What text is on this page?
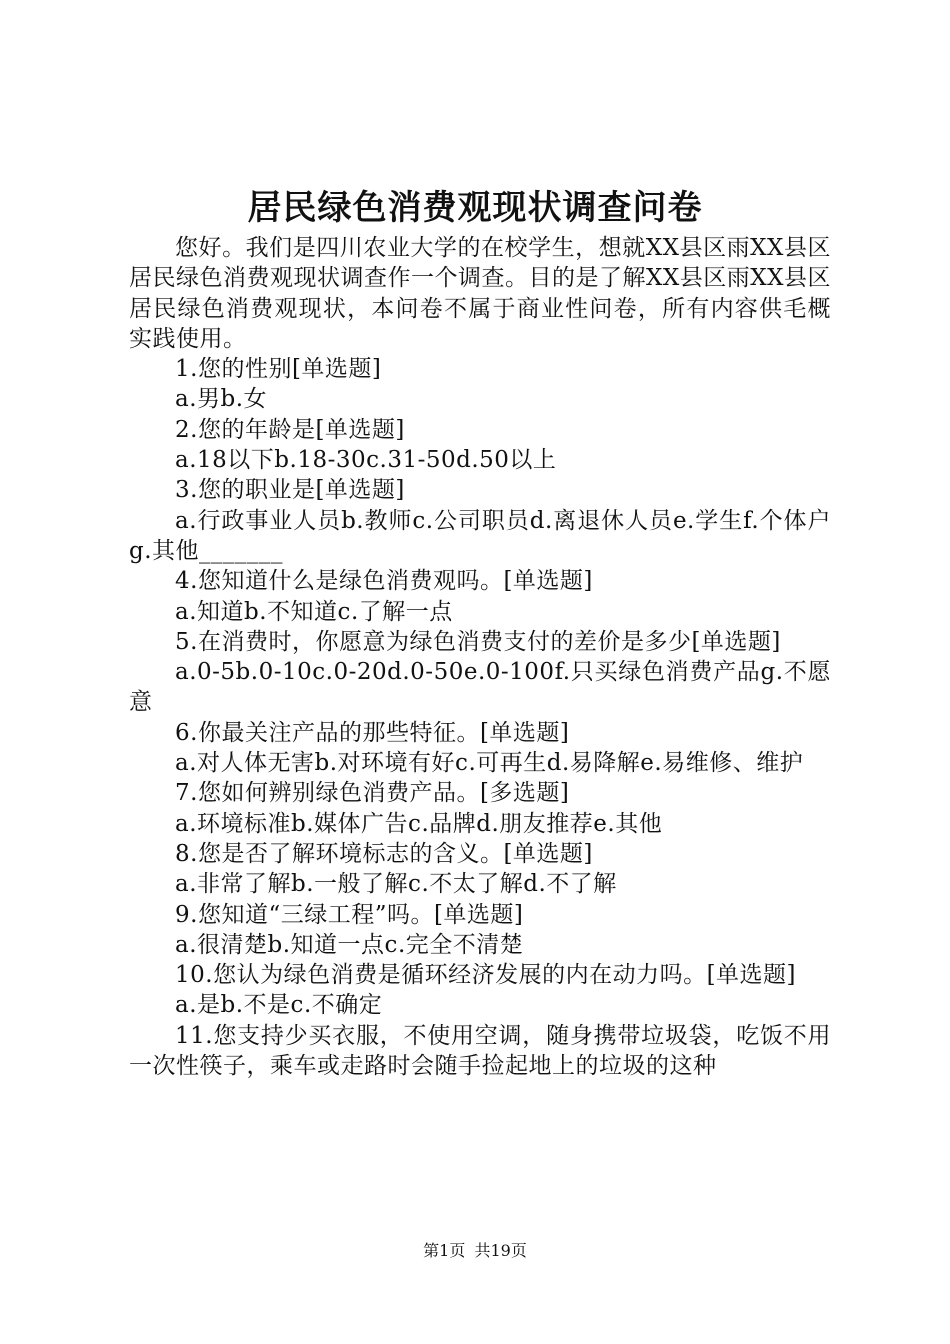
居民绿色消费观现状调查问卷

您好。我们是四川农业大学的在校学生，想就XX县区雨XX县区居民绿色消费观现状调查作一个调查。目的是了解XX县区雨XX县区居民绿色消费观现状，本问卷不属于商业性问卷，所有内容供毛概实践使用。

1.您的性别[单选题]

a.男b.女

2.您的年龄是[单选题]

a.18以下b.18-30c.31-50d.50以上

3.您的职业是[单选题]

a.行政事业人员b.教师c.公司职员d.离退休人员e.学生f.个体户g.其他_______

4.您知道什么是绿色消费观吗。[单选题]

a.知道b.不知道c.了解一点

5.在消费时，你愿意为绿色消费支付的差价是多少[单选题]

a.0-5b.0-10c.0-20d.0-50e.0-100f.只买绿色消费产品g.不愿意

6.你最关注产品的那些特征。[单选题]

a.对人体无害b.对环境有好c.可再生d.易降解e.易维修、维护

7.您如何辨别绿色消费产品。[多选题]

a.环境标准b.媒体广告c.品牌d.朋友推荐e.其他

8.您是否了解环境标志的含义。[单选题]

a.非常了解b.一般了解c.不太了解d.不了解

9.您知道“三绿工程”吗。[单选题]

a.很清楚b.知道一点c.完全不清楚

10.您认为绿色消费是循环经济发展的内在动力吗。[单选题]

a.是b.不是c.不确定

11.您支持少买衣服，不使用空调，随身携带垃圾袋，吃饭不用一次性筷子，乘车或走路时会随手捡起地上的垃圾的这种

第1页 共19页
